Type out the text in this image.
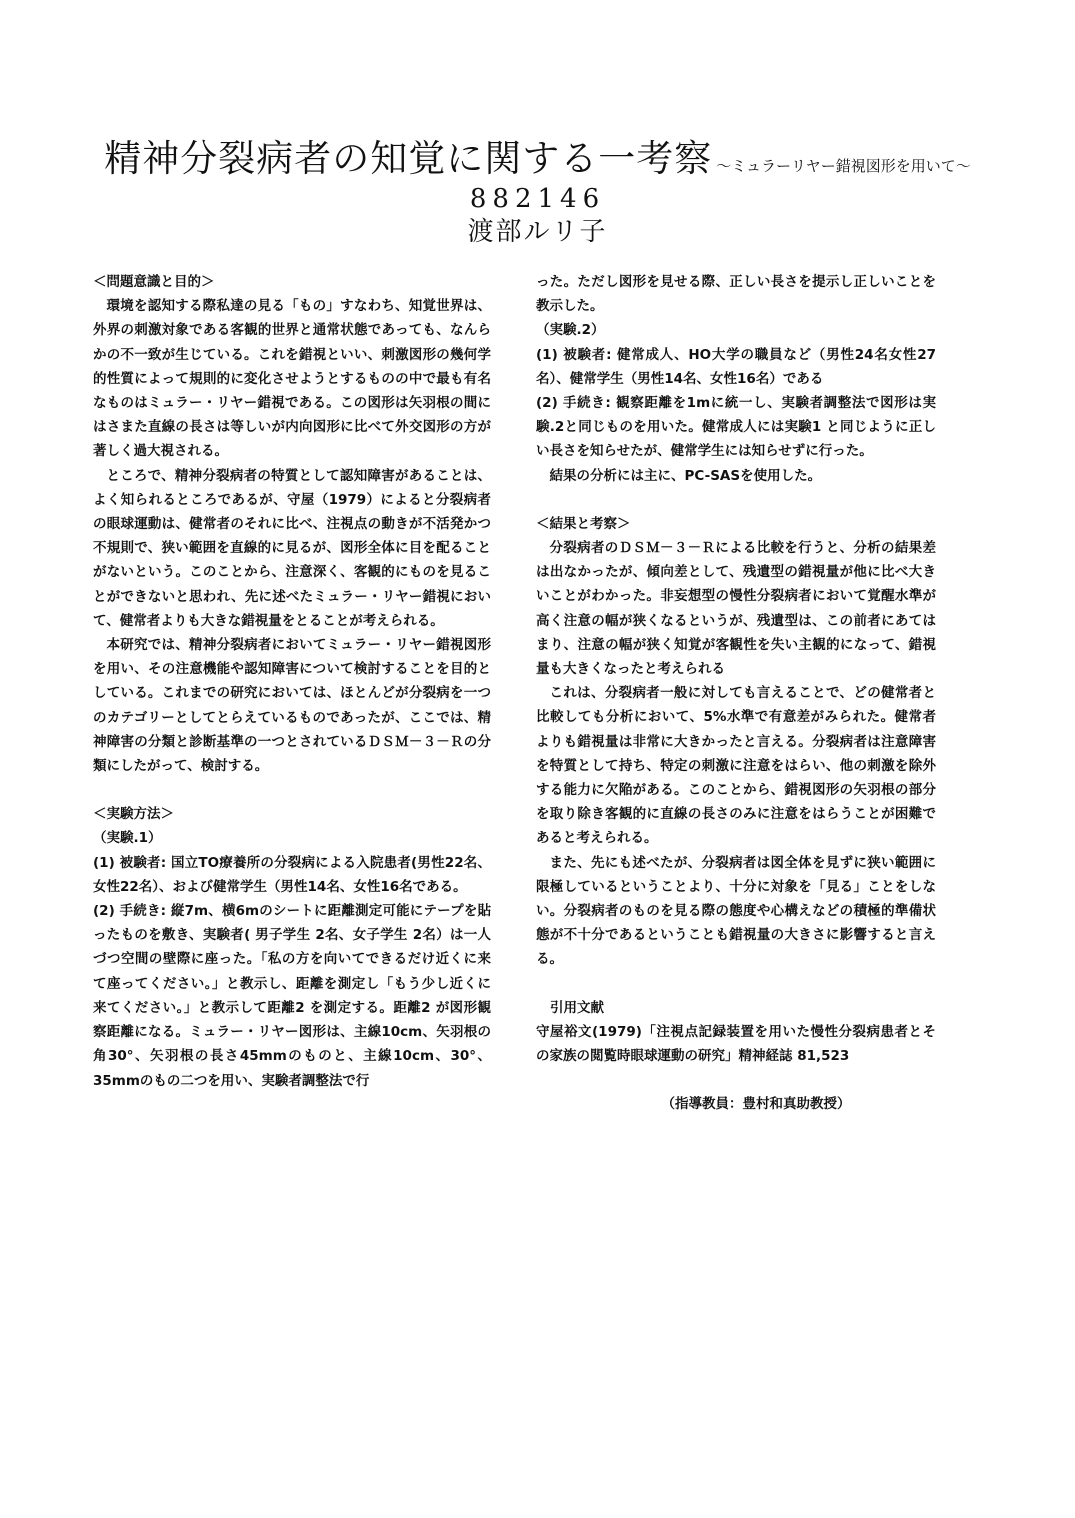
精神分裂病者の知覚に関する一考察 〜ミュラーリヤー錯視図形を用いて〜
882146
渡部ルリ子

＜問題意識と目的＞

環境を認知する際私達の見る「もの」すなわち、知覚世界は、外界の刺激対象である客観的世界と通常状態であっても、なんらかの不一致が生じている。これを錯視といい、刺激図形の幾何学的性質によって規則的に変化させようとするものの中で最も有名なものはミュラー・リヤー錯視である。この図形は矢羽根の間にはさまた直線の長さは等しいが内向図形に比べて外交図形の方が著しく過大視される。

ところで、精神分裂病者の特質として認知障害があることは、よく知られるところであるが、守屋（1979）によると分裂病者の眼球運動は、健常者のそれに比べ、注視点の動きが不活発かつ不規則で、狭い範囲を直線的に見るが、図形全体に目を配ることがないという。このことから、注意深く、客観的にものを見ることができないと思われ、先に述べたミュラー・リヤー錯視において、健常者よりも大きな錯視量をとることが考えられる。

本研究では、精神分裂病者においてミュラー・リヤー錯視図形を用い、その注意機能や認知障害について検討することを目的としている。これまでの研究においては、ほとんどが分裂病を一つのカテゴリーとしてとらえているものであったが、ここでは、精神障害の分類と診断基準の一つとされているＤＳＭ－３－Ｒの分類にしたがって、検討する。

＜実験方法＞

（実験.1）

(1) 被験者: 国立TO療養所の分裂病による入院患者(男性22名、女性22名）、および健常学生（男性14名、女性16名である。

(2) 手続き: 縦7m、横6mのシートに距離測定可能にテープを貼ったものを敷き、実験者( 男子学生 2名、女子学生 2名）は一人づつ空間の壁際に座った。「私の方を向いてできるだけ近くに来て座ってください。」と教示し、距離を測定し「もう少し近くに来てください。」と教示して距離2 を測定する。距離2 が図形観察距離になる。ミュラー・リヤー図形は、主線10cm、矢羽根の角30°、矢羽根の長さ45mmのものと、主線10cm、30°、35mmのもの二つを用い、実験者調整法で行

った。ただし図形を見せる際、正しい長さを提示し正しいことを教示した。

（実験.2）

(1) 被験者: 健常成人、HO大学の職員など（男性24名女性27名）、健常学生（男性14名、女性16名）である

(2) 手続き: 観察距離を1mに統一し、実験者調整法で図形は実験.2と同じものを用いた。健常成人には実験1 と同じように正しい長さを知らせたが、健常学生には知らせずに行った。

結果の分析には主に、PC-SASを使用した。

＜結果と考察＞

分裂病者のＤＳＭ－３－Ｒによる比較を行うと、分析の結果差は出なかったが、傾向差として、残遺型の錯視量が他に比べ大きいことがわかった。非妄想型の慢性分裂病者において覚醒水準が高く注意の幅が狭くなるというが、残遺型は、この前者にあてはまり、注意の幅が狭く知覚が客観性を失い主観的になって、錯視量も大きくなったと考えられる

これは、分裂病者一般に対しても言えることで、どの健常者と比較しても分析において、5%水準で有意差がみられた。健常者よりも錯視量は非常に大きかったと言える。分裂病者は注意障害を特質として持ち、特定の刺激に注意をはらい、他の刺激を除外する能力に欠陥がある。このことから、錯視図形の矢羽根の部分を取り除き客観的に直線の長さのみに注意をはらうことが困難であると考えられる。

また、先にも述べたが、分裂病者は図全体を見ずに狭い範囲に限極しているということより、十分に対象を「見る」ことをしない。分裂病者のものを見る際の態度や心構えなどの積極的準備状態が不十分であるということも錯視量の大きさに影響すると言える。

引用文献

守屋裕文(1979)「注視点記録装置を用いた慢性分裂病患者とその家族の閲覧時眼球運動の研究」精神経誌 81,523

（指導教員：豊村和真助教授）
